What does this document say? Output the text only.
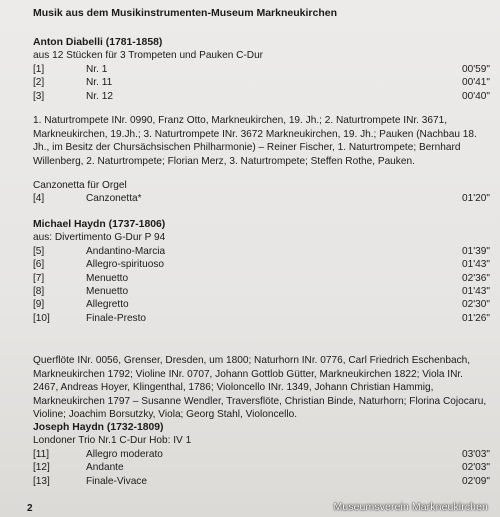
Musik aus dem Musikinstrumenten-Museum Markneukirchen
Anton Diabelli (1781-1858)
aus 12 Stücken für 3 Trompeten und Pauken C-Dur
[1]	Nr. 1	00'59"
[2]	Nr. 11	00'41"
[3]	Nr. 12	00'40"
1. Naturtrompete INr. 0990, Franz Otto, Markneukirchen, 19. Jh.; 2. Naturtrompete INr. 3671, Markneukirchen, 19.Jh.; 3. Naturtrompete INr. 3672 Markneukirchen, 19. Jh.; Pauken (Nachbau 18. Jh., im Besitz der Chursächsischen Philharmonie) – Reiner Fischer, 1. Naturtrompete; Bernhard Willenberg, 2. Naturtrompete; Florian Merz, 3. Naturtrompete; Steffen Rothe, Pauken.
Canzonetta für Orgel
[4]	Canzonetta*	01'20"
Michael Haydn (1737-1806)
aus: Divertimento G-Dur P 94
[5]	Andantino-Marcia	01'39"
[6]	Allegro-spirituoso	01'43"
[7]	Menuetto	02'36"
[8]	Menuetto	01'43"
[9]	Allegretto	02'30"
[10]	Finale-Presto	01'26"
Querflöte INr. 0056, Grenser, Dresden, um 1800; Naturhorn INr. 0776, Carl Friedrich Eschenbach, Markneukirchen 1792; Violine INr. 0707, Johann Gottlob Gütter, Markneukirchen 1822; Viola INr. 2467, Andreas Hoyer, Klingenthal, 1786; Violoncello INr. 1349, Johann Christian Hammig, Markneukirchen 1797 – Susanne Wendler, Traversflöte, Christian Binde, Naturhorn; Florina Cojocaru, Violine; Joachim Borsutzky, Viola; Georg Stahl, Violoncello.
Joseph Haydn (1732-1809)
Londoner Trio Nr.1 C-Dur Hob: IV 1
[11]	Allegro moderato	03'03"
[12]	Andante	02'03"
[13]	Finale-Vivace	02'09"
2	Museumsverein Markneukirchen
